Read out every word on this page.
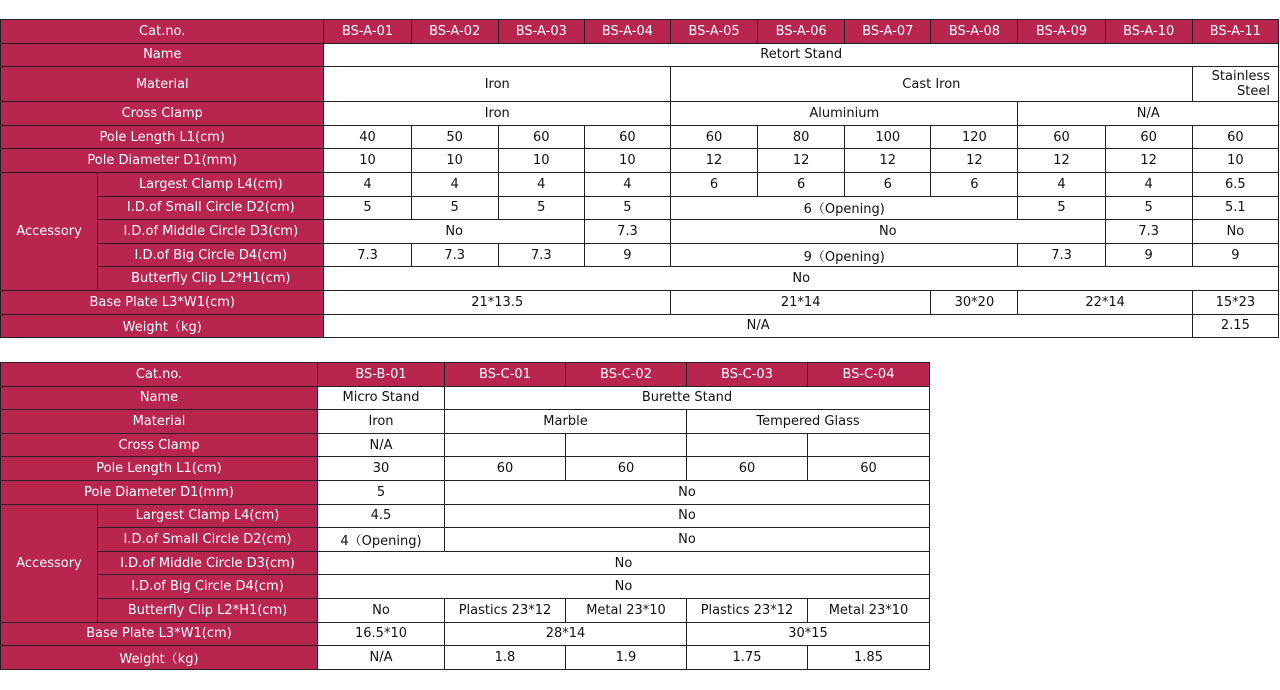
Cat.no.		BS-A-01	BS-A-02	BS-A-03	BS-A-04	BS-A-05	BS-A-06	BS-A-07	BS-A-08	BS-A-09	BS-A-10	BS-A-11
Name		Retort Stand										
Material		Iron				Cast Iron						Stainless Steel
Cross Clamp		Iron				Aluminium				N/A		
Pole Length L1(cm)		40	50	60	60	60	80	100	120	60	60	60
Pole Diameter D1(mm)		10	10	10	10	12	12	12	12	12	12	10
Accessory	Largest Clamp L4(cm)	4	4	4	4	6	6	6	6	4	4	6.5
	I.D.of Small Circle D2(cm)	5	5	5	5	6（Opening)				5	5	5.1
	I.D.of Middle Circle D3(cm)	No			7.3	No					7.3	No
	I.D.of Big Circle D4(cm)	7.3	7.3	7.3	9	9（Opening)				7.3	9	9
	Butterfly Clip L2*H1(cm)	No										
Base Plate L3*W1(cm)		21*13.5				21*14			30*20	22*14		15*23
Weight（kg)		N/A										2.15
Cat.no.		BS-B-01	BS-C-01	BS-C-02	BS-C-03	BS-C-04
Name		Micro Stand	Burette Stand			
Material		Iron	Marble		Tempered Glass	
Cross Clamp		N/A				
Pole Length L1(cm)		30	60	60	60	60
Pole Diameter D1(mm)		5	No			
Accessory	Largest Clamp L4(cm)	4.5	No			
	I.D.of Small Circle D2(cm)	4（Opening)	No			
	I.D.of Middle Circle D3(cm)	No				
	I.D.of Big Circle D4(cm)	No				
	Butterfly Clip L2*H1(cm)	No	Plastics 23*12	Metal 23*10	Plastics 23*12	Metal 23*10
Base Plate L3*W1(cm)		16.5*10	28*14		30*15	
Weight（kg)		N/A	1.8	1.9	1.75	1.85
